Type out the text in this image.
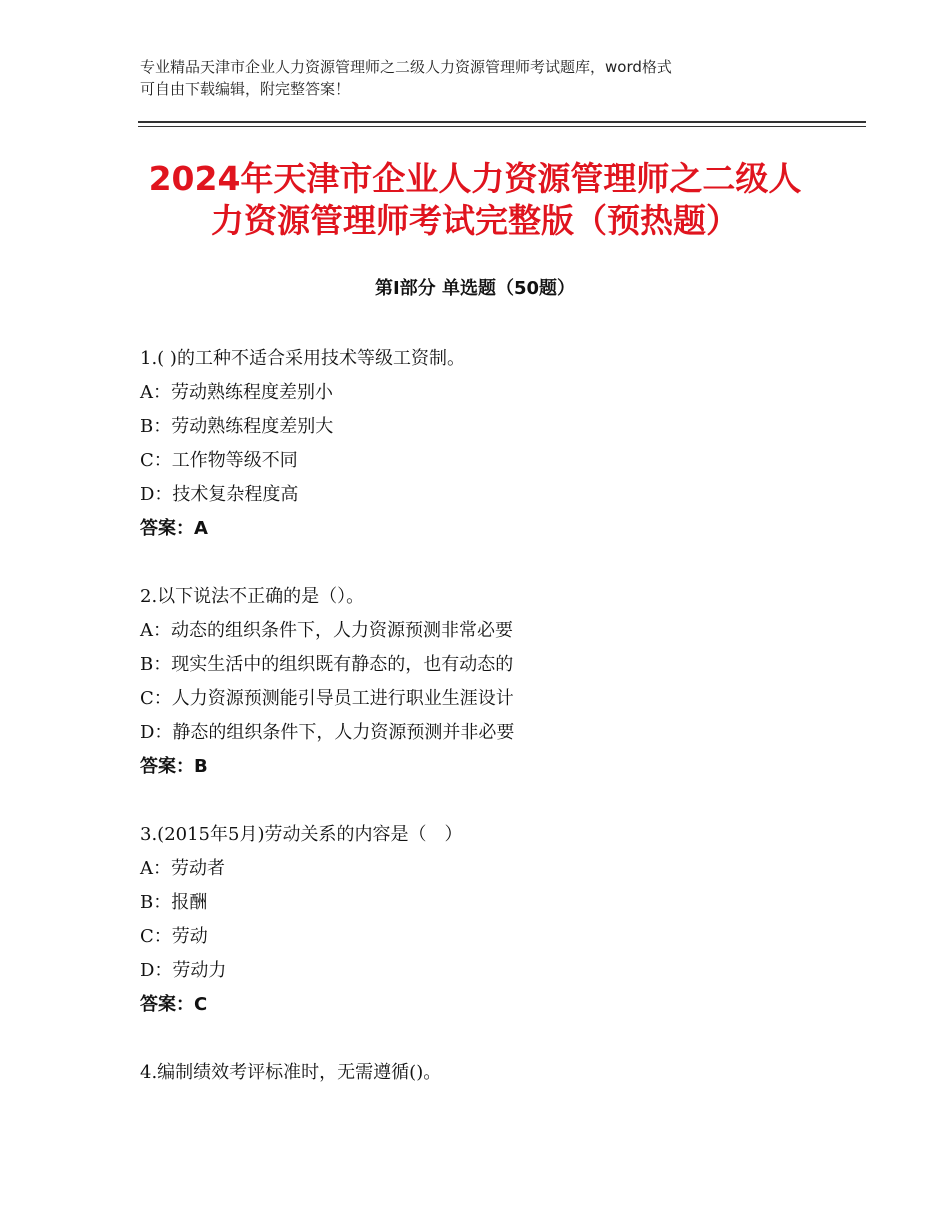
专业精品天津市企业人力资源管理师之二级人力资源管理师考试题库，word格式
可自由下载编辑，附完整答案！
2024年天津市企业人力资源管理师之二级人
力资源管理师考试完整版（预热题）
第Ⅰ部分 单选题（50题）
1.( )的工种不适合采用技术等级工资制。
A：劳动熟练程度差别小
B：劳动熟练程度差别大
C：工作物等级不同
D：技术复杂程度高
答案：A
2.以下说法不正确的是（）。
A：动态的组织条件下，人力资源预测非常必要
B：现实生活中的组织既有静态的，也有动态的
C：人力资源预测能引导员工进行职业生涯设计
D：静态的组织条件下，人力资源预测并非必要
答案：B
3.(2015年5月)劳动关系的内容是（　）
A：劳动者
B：报酬
C：劳动
D：劳动力
答案：C
4.编制绩效考评标准时，无需遵循()。
